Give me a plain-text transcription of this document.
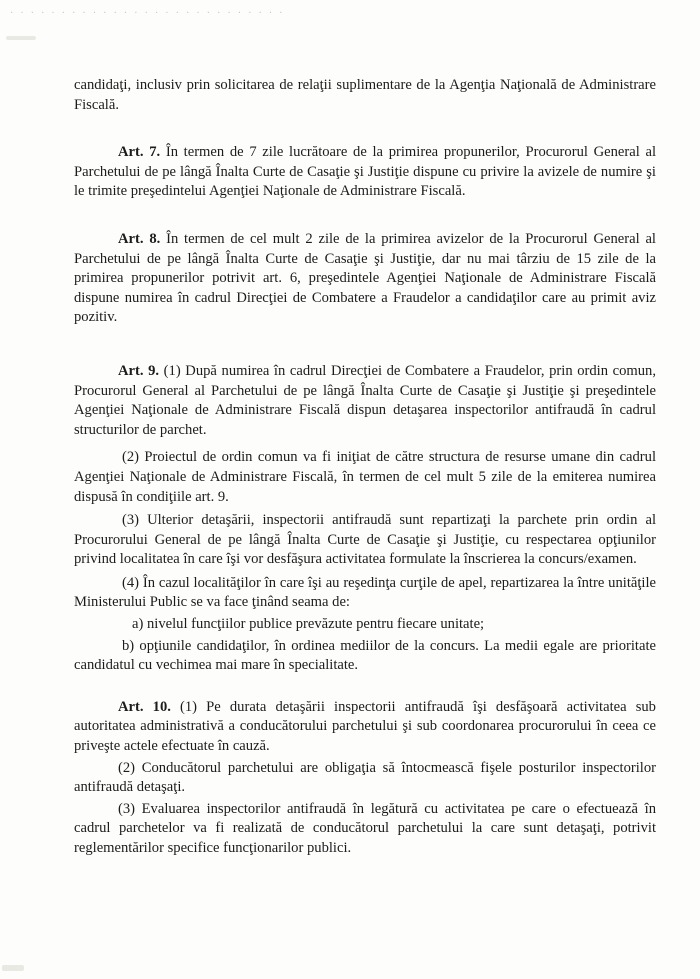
· · · · · · · · · · · · · · · · · · · · · · · · · · ·

candidaţi, inclusiv prin solicitarea de relaţii suplimentare de la Agenţia Naţională de Administrare Fiscală.

Art. 7. În termen de 7 zile lucrătoare de la primirea propunerilor, Procurorul General al Parchetului de pe lângă Înalta Curte de Casaţie şi Justiţie dispune cu privire la avizele de numire şi le trimite preşedintelui Agenţiei Naţionale de Administrare Fiscală.

Art. 8. În termen de cel mult 2 zile de la primirea avizelor de la Procurorul General al Parchetului de pe lângă Înalta Curte de Casaţie şi Justiţie, dar nu mai târziu de 15 zile de la primirea propunerilor potrivit art. 6, preşedintele Agenţiei Naţionale de Administrare Fiscală dispune numirea în cadrul Direcţiei de Combatere a Fraudelor a candidaţilor care au primit aviz pozitiv.

Art. 9. (1) După numirea în cadrul Direcţiei de Combatere a Fraudelor, prin ordin comun, Procurorul General al Parchetului de pe lângă Înalta Curte de Casaţie şi Justiţie şi preşedintele Agenţiei Naţionale de Administrare Fiscală dispun detaşarea inspectorilor antifraudă în cadrul structurilor de parchet.

(2) Proiectul de ordin comun va fi iniţiat de către structura de resurse umane din cadrul Agenţiei Naţionale de Administrare Fiscală, în termen de cel mult 5 zile de la emiterea numirea dispusă în condiţiile art. 9.

(3) Ulterior detaşării, inspectorii antifraudă sunt repartizaţi la parchete prin ordin al Procurorului General de pe lângă Înalta Curte de Casaţie şi Justiţie, cu respectarea opţiunilor privind localitatea în care îşi vor desfăşura activitatea formulate la înscrierea la concurs/examen.

(4) În cazul localităţilor în care îşi au reşedinţa curţile de apel, repartizarea la între unităţile Ministerului Public se va face ţinând seama de:

a) nivelul funcţiilor publice prevăzute pentru fiecare unitate;

b) opţiunile candidaţilor, în ordinea mediilor de la concurs. La medii egale are prioritate candidatul cu vechimea mai mare în specialitate.

Art. 10. (1) Pe durata detaşării inspectorii antifraudă îşi desfăşoară activitatea sub autoritatea administrativă a conducătorului parchetului şi sub coordonarea procurorului în ceea ce priveşte actele efectuate în cauză.

(2) Conducătorul parchetului are obligaţia să întocmească fişele posturilor inspectorilor antifraudă detaşaţi.

(3) Evaluarea inspectorilor antifraudă în legătură cu activitatea pe care o efectuează în cadrul parchetelor va fi realizată de conducătorul parchetului la care sunt detaşaţi, potrivit reglementărilor specifice funcţionarilor publici.
